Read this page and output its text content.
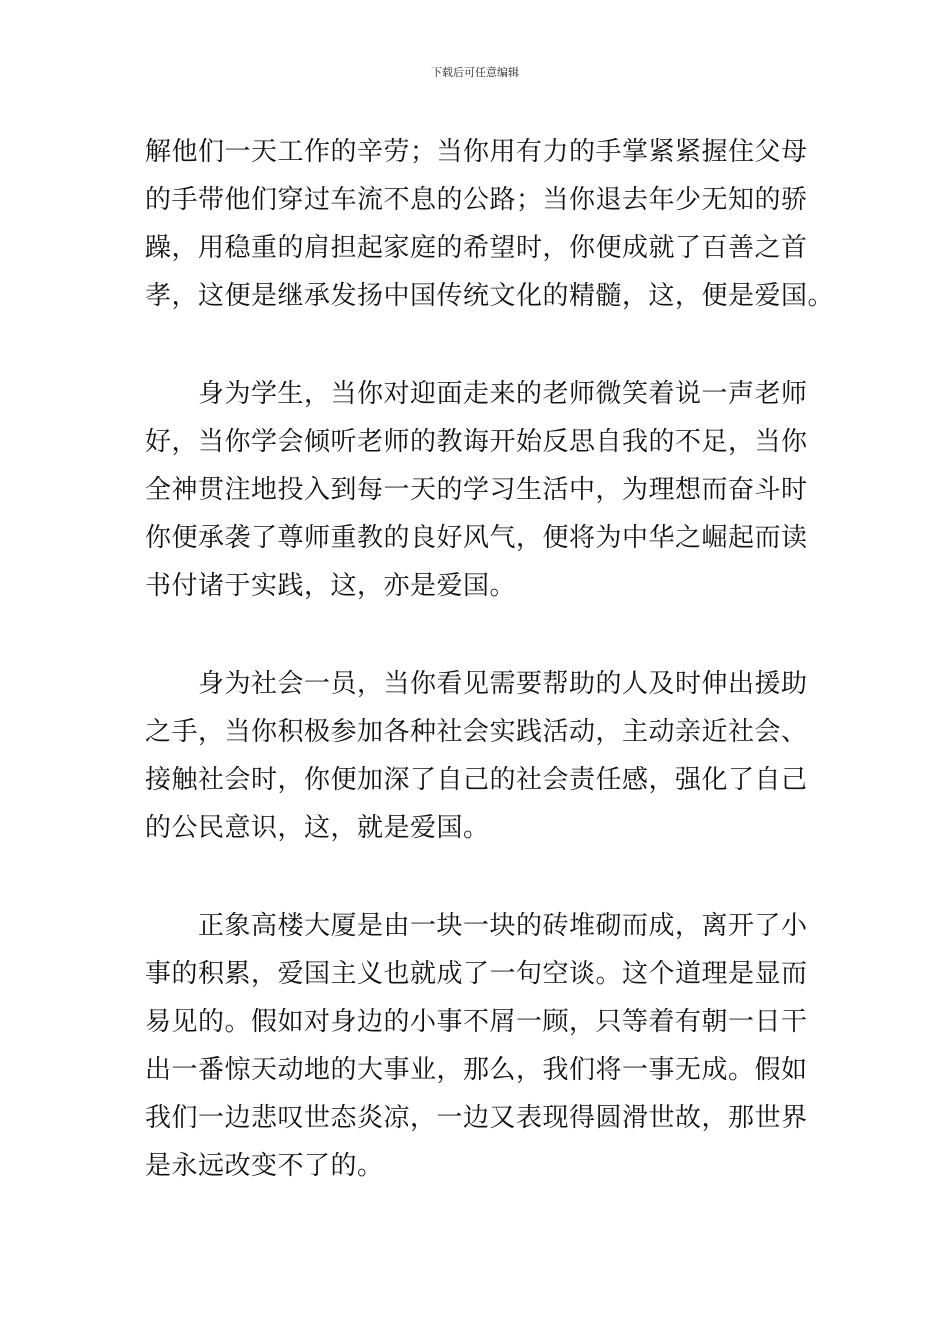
下载后可任意编辑
解他们一天工作的辛劳；当你用有力的手掌紧紧握住父母
的手带他们穿过车流不息的公路；当你退去年少无知的骄
躁，用稳重的肩担起家庭的希望时，你便成就了百善之首
孝，这便是继承发扬中国传统文化的精髓，这，便是爱国。
　　身为学生，当你对迎面走来的老师微笑着说一声老师
好，当你学会倾听老师的教诲开始反思自我的不足，当你
全神贯注地投入到每一天的学习生活中，为理想而奋斗时
你便承袭了尊师重教的良好风气，便将为中华之崛起而读
书付诸于实践，这，亦是爱国。
　　身为社会一员，当你看见需要帮助的人及时伸出援助
之手，当你积极参加各种社会实践活动，主动亲近社会、
接触社会时，你便加深了自己的社会责任感，强化了自己
的公民意识，这，就是爱国。
　　正象高楼大厦是由一块一块的砖堆砌而成，离开了小
事的积累，爱国主义也就成了一句空谈。这个道理是显而
易见的。假如对身边的小事不屑一顾，只等着有朝一日干
出一番惊天动地的大事业，那么，我们将一事无成。假如
我们一边悲叹世态炎凉，一边又表现得圆滑世故，那世界
是永远改变不了的。
